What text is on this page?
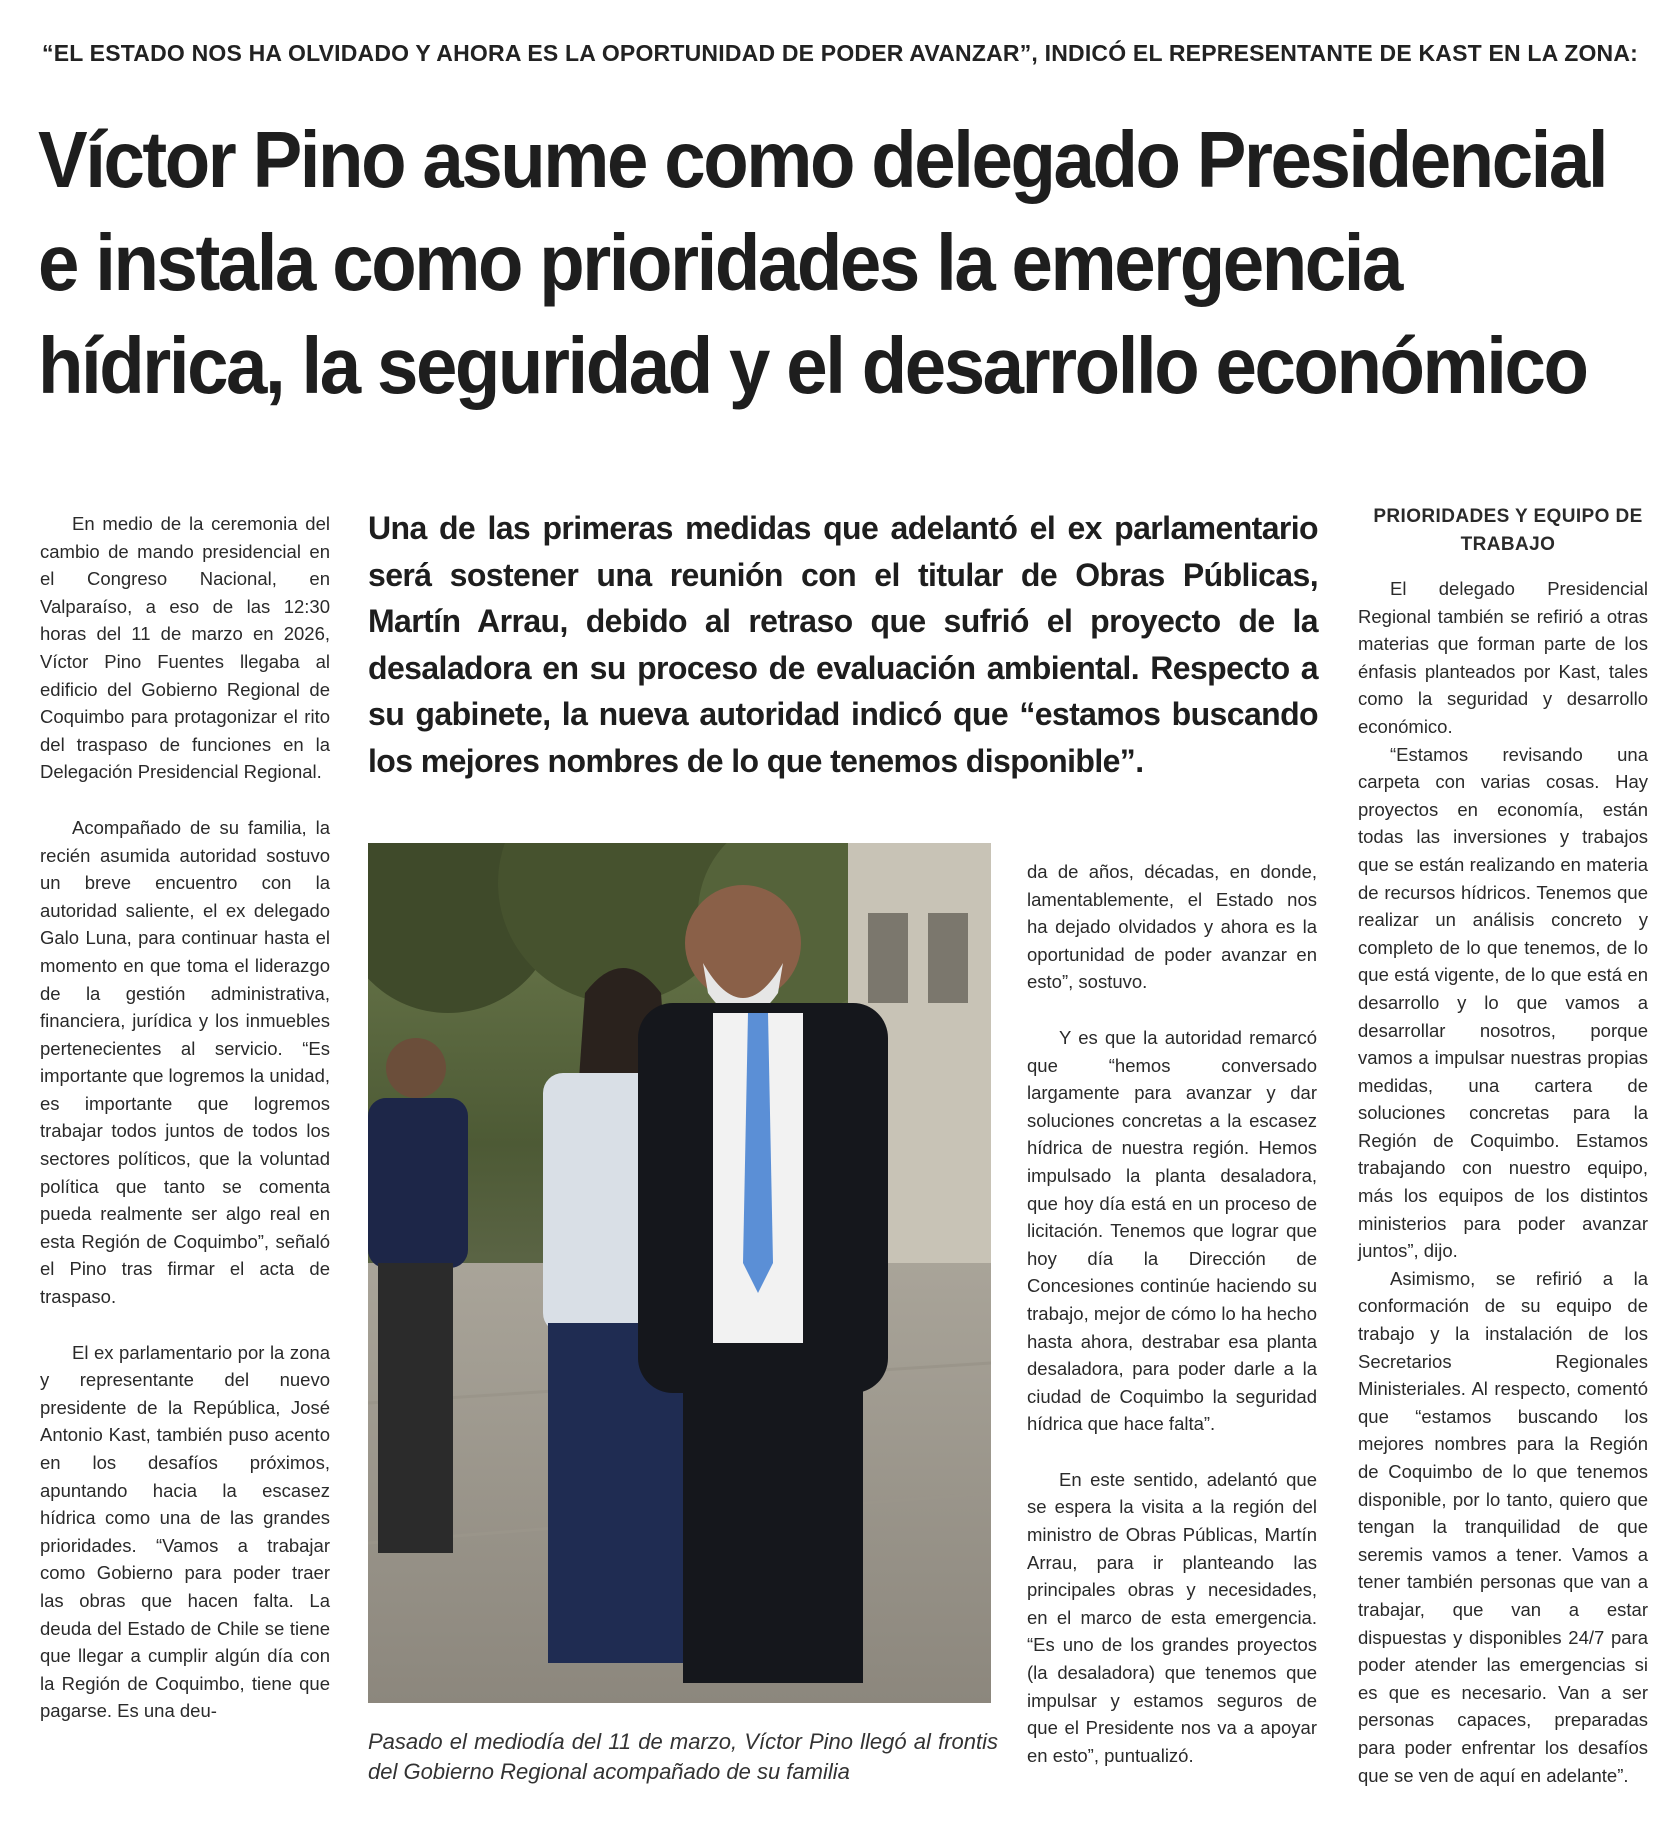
“EL ESTADO NOS HA OLVIDADO Y AHORA ES LA OPORTUNIDAD DE PODER AVANZAR”, INDICÓ EL REPRESENTANTE DE KAST EN LA ZONA:
Víctor Pino asume como delegado Presidencial
e instala como prioridades la emergencia
hídrica, la seguridad y el desarrollo económico

En medio de la ceremonia del cambio de mando presidencial en el Congreso Nacional, en Valparaíso, a eso de las 12:30 horas del 11 de marzo en 2026, Víctor Pino Fuentes llegaba al edificio del Gobierno Regional de Coquimbo para protagonizar el rito del traspaso de funciones en la Delegación Presidencial Regional.

Acompañado de su familia, la recién asumida autoridad sostuvo un breve encuentro con la autoridad saliente, el ex delegado Galo Luna, para continuar hasta el momento en que toma el liderazgo de la gestión administrativa, financiera, jurídica y los inmuebles pertenecientes al servicio. “Es importante que logremos la unidad, es importante que logremos trabajar todos juntos de todos los sectores políticos, que la voluntad política que tanto se comenta pueda realmente ser algo real en esta Región de Coquimbo”, señaló el Pino tras firmar el acta de traspaso.

El ex parlamentario por la zona y representante del nuevo presidente de la República, José Antonio Kast, también puso acento en los desafíos próximos, apuntando hacia la escasez hídrica como una de las grandes prioridades. “Vamos a trabajar como Gobierno para poder traer las obras que hacen falta. La deuda del Estado de Chile se tiene que llegar a cumplir algún día con la Región de Coquimbo, tiene que pagarse. Es una deu-

Una de las primeras medidas que adelantó el ex parlamentario será sostener una reunión con el titular de Obras Públicas, Martín Arrau, debido al retraso que sufrió el proyecto de la desaladora en su proceso de evaluación ambiental. Respecto a su gabinete, la nueva autoridad indicó que “estamos buscando los mejores nombres de lo que tenemos disponible”.
Pasado el mediodía del 11 de marzo, Víctor Pino llegó al frontis del Gobierno Regional acompañado de su familia

da de años, décadas, en donde, lamentablemente, el Estado nos ha dejado olvidados y ahora es la oportunidad de poder avanzar en esto”, sostuvo.

Y es que la autoridad remarcó que “hemos conversado largamente para avanzar y dar soluciones concretas a la escasez hídrica de nuestra región. Hemos impulsado la planta desaladora, que hoy día está en un proceso de licitación. Tenemos que lograr que hoy día la Dirección de Concesiones continúe haciendo su trabajo, mejor de cómo lo ha hecho hasta ahora, destrabar esa planta desaladora, para poder darle a la ciudad de Coquimbo la seguridad hídrica que hace falta”.

En este sentido, adelantó que se espera la visita a la región del ministro de Obras Públicas, Martín Arrau, para ir planteando las principales obras y necesidades, en el marco de esta emergencia. “Es uno de los grandes proyectos (la desaladora) que tenemos que impulsar y estamos seguros de que el Presidente nos va a apoyar en esto”, puntualizó.

PRIORIDADES Y EQUIPO DE TRABAJO

El delegado Presidencial Regional también se refirió a otras materias que forman parte de los énfasis planteados por Kast, tales como la seguridad y desarrollo económico.

“Estamos revisando una carpeta con varias cosas. Hay proyectos en economía, están todas las inversiones y trabajos que se están realizando en materia de recursos hídricos. Tenemos que realizar un análisis concreto y completo de lo que tenemos, de lo que está vigente, de lo que está en desarrollo y lo que vamos a desarrollar nosotros, porque vamos a impulsar nuestras propias medidas, una cartera de soluciones concretas para la Región de Coquimbo. Estamos trabajando con nuestro equipo, más los equipos de los distintos ministerios para poder avanzar juntos”, dijo.

Asimismo, se refirió a la conformación de su equipo de trabajo y la instalación de los Secretarios Regionales Ministeriales. Al respecto, comentó que “estamos buscando los mejores nombres para la Región de Coquimbo de lo que tenemos disponible, por lo tanto, quiero que tengan la tranquilidad de que seremis vamos a tener. Vamos a tener también personas que van a trabajar, que van a estar dispuestas y disponibles 24/7 para poder atender las emergencias si es que es necesario. Van a ser personas capaces, preparadas para poder enfrentar los desafíos que se ven de aquí en adelante”.
